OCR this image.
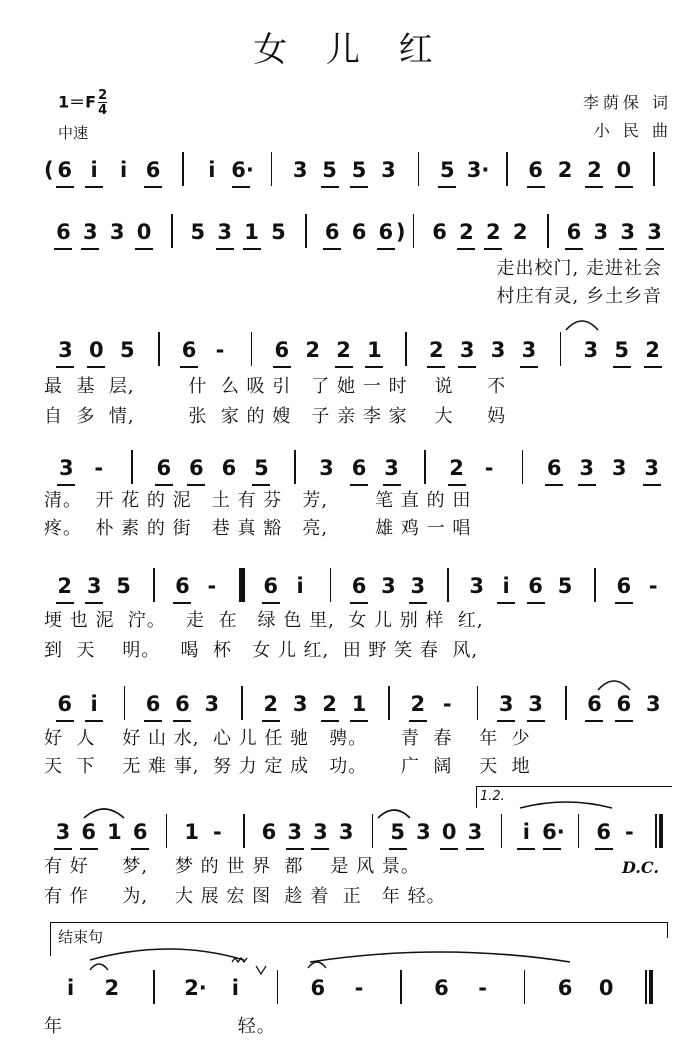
女 儿 红
$1=F \frac{2}{4}$
中速
李荫保 词
小 民 曲
( 6 i	i 6	i 6· 3 5 5 3 5 3· 6 2 2 0
6 3 3 0 5 3 1 5 6 6 6 ) 6 2 2 2 6 3 3 3
3 0 5 6 - 6 2 2 1 2 3 3 3 3 5 2
3 -	6 6 6 5 3 6 3 2 -	6 3 3 3
2 3 5 6 - 6 i	6 3 3 3 i 6 5 6 -
6 i	6 6 3 2 3 2 1 2 - 3 3 6 6 3
3 6 1 6 1 - 6 3 3 3 5 3 0 3	i 6· 6 -
i	2	2·	i	6 -	6 -	6 0
走出校门, 走进社会
村庄有灵, 乡土乡音
最  基  层,        什  么 吸 引   了 她 一 时    说     不
自  多  情,        张  家 的 嫂   子 亲 李 家    大     妈
清。  开 花 的 泥   土 有 芬   芳,       笔 直 的 田
疼。  朴 素 的 街   巷 真 豁   亮,       雄 鸡 一 唱
埂 也 泥  泞。   走  在   绿 色 里,  女 儿 别 样  红,
到  天    明。   喝  杯   女 儿 红,  田 野 笑 春  风,
好  人    好 山 水,  心 儿 任 驰   骋。     青  春    年  少
天  下    无 难 事,  努 力 定 成   功。     广  阔    天  地
有 好     梦,    梦 的 世 界  都    是 风 景。
有 作     为,    大 展 宏 图  趁 着  正   年 轻。
年                          轻。
D.C.
1.2.
结束句
